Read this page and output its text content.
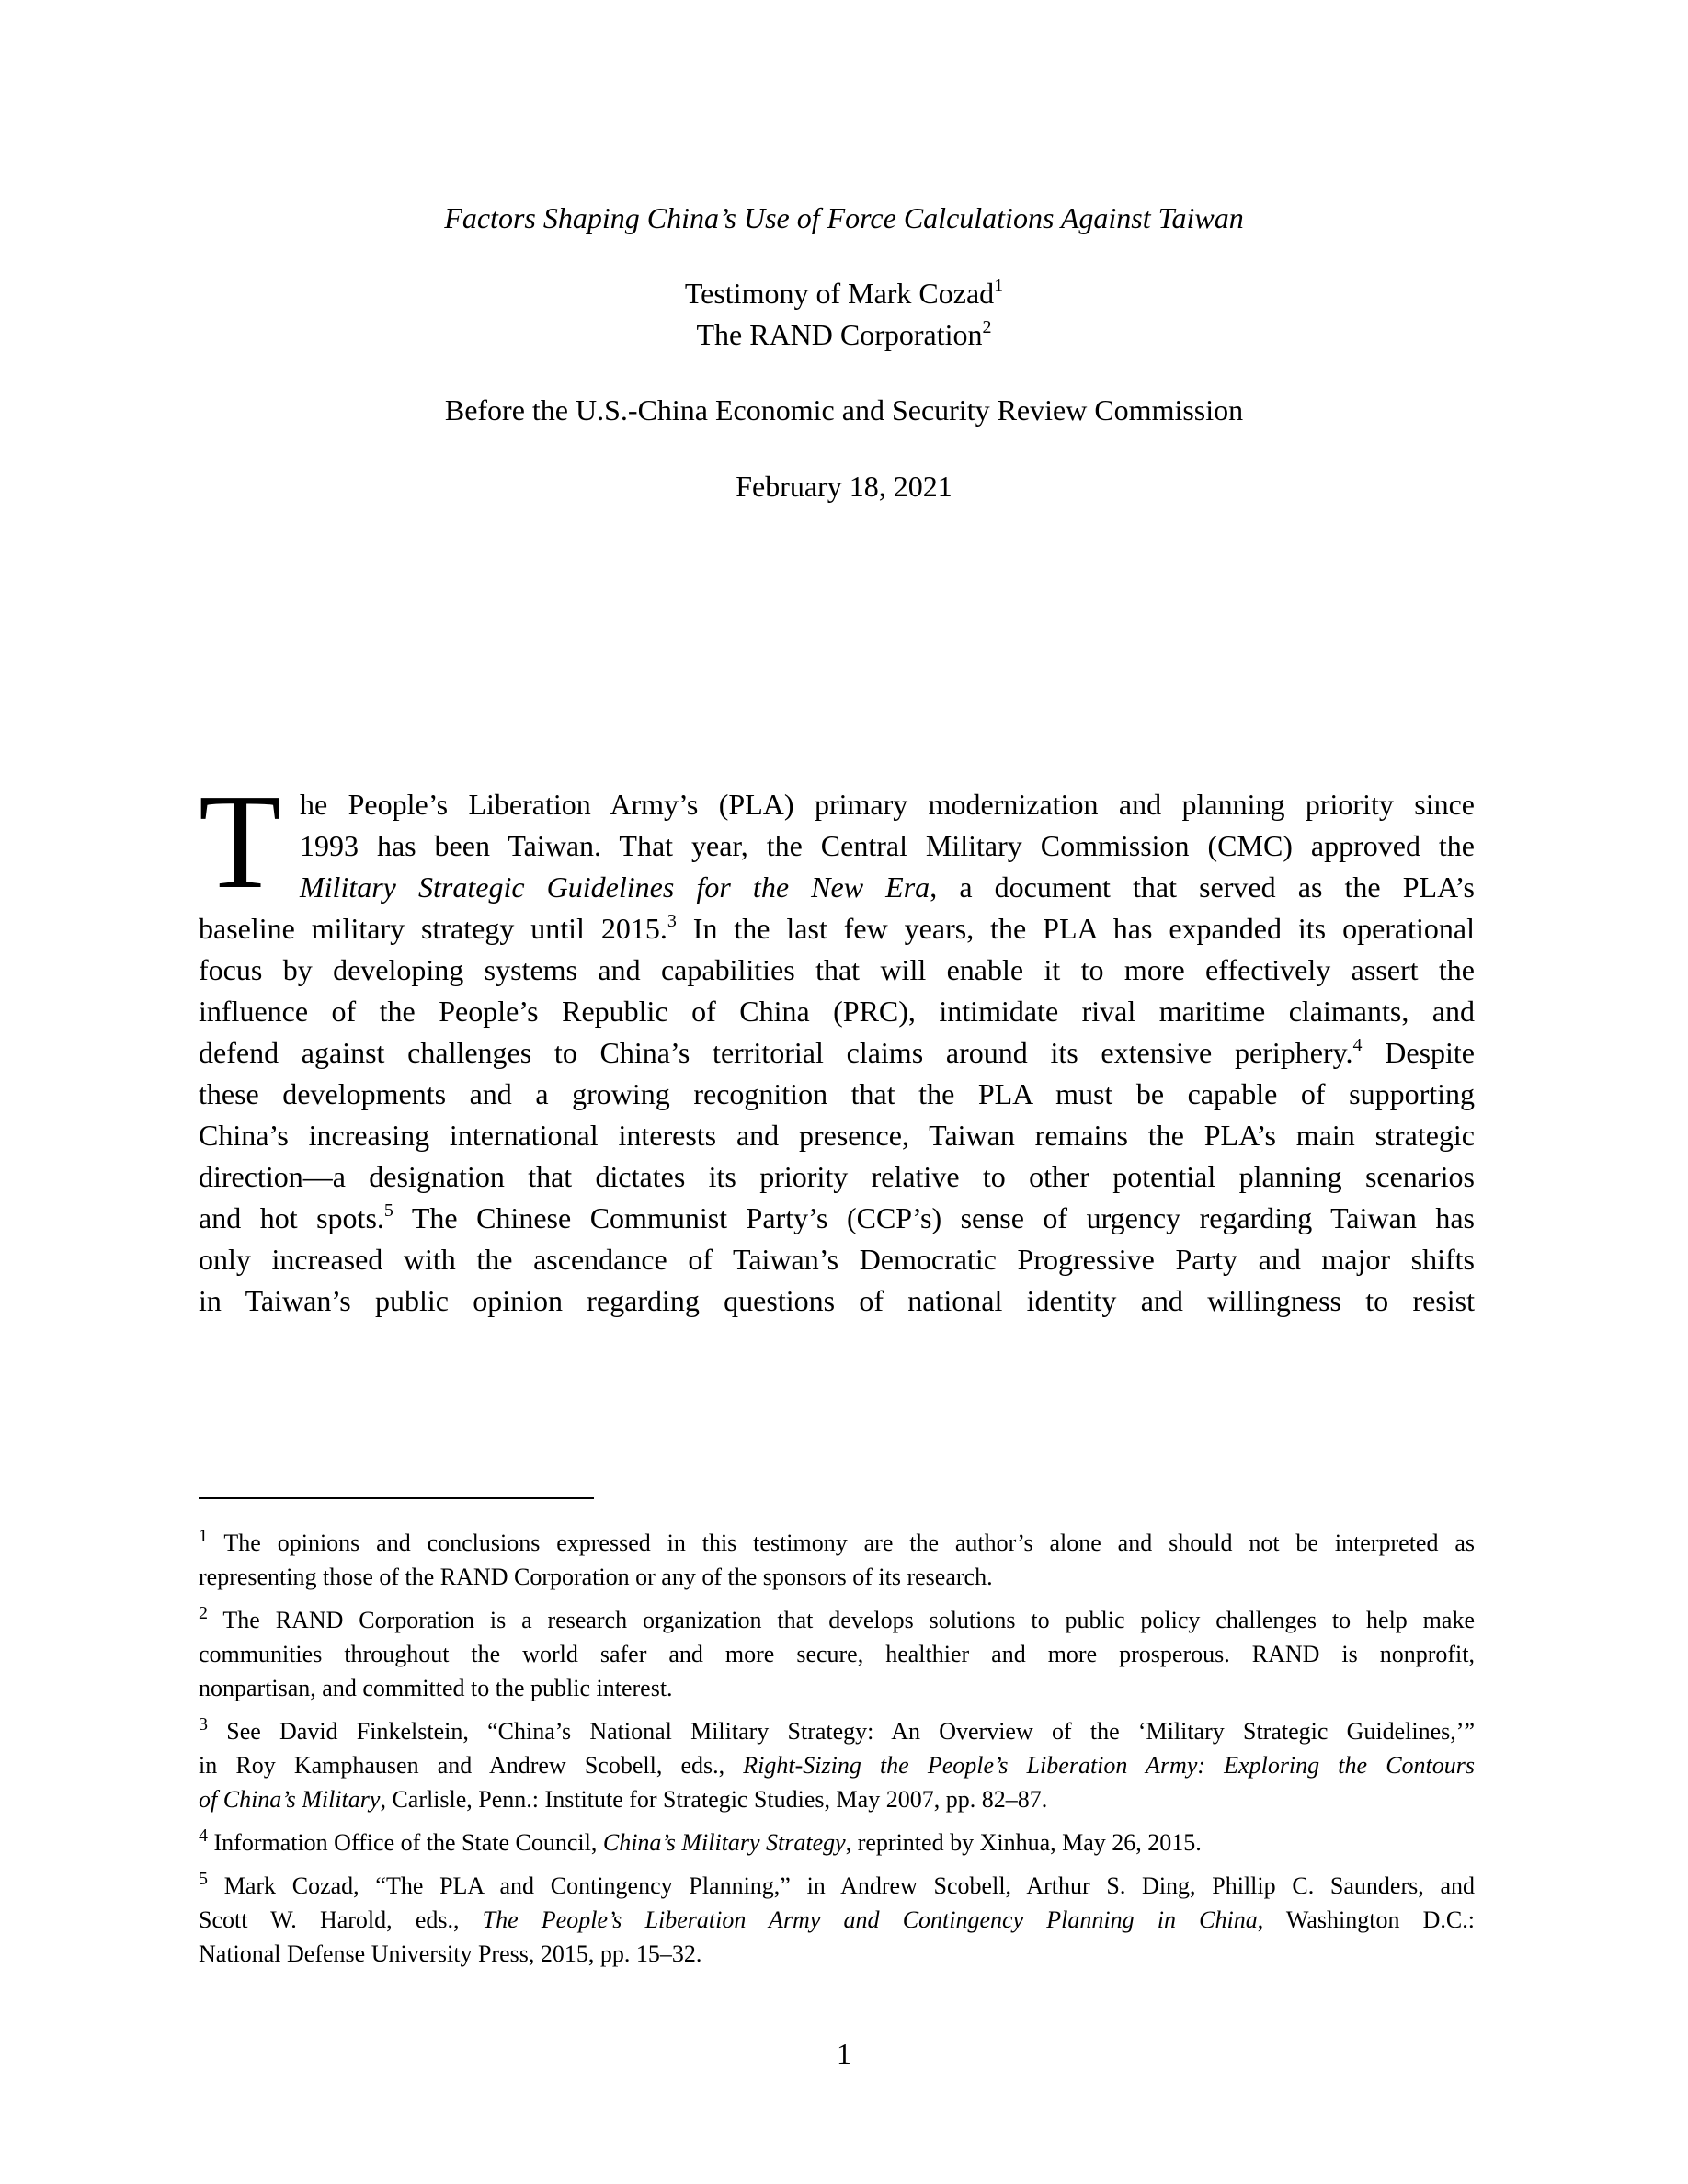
Factors Shaping China’s Use of Force Calculations Against Taiwan
Testimony of Mark Cozad$^1$
The RAND Corporation$^2$
Before the U.S.-China Economic and Security Review Commission
February 18, 2021
T he People’s Liberation Army’s (PLA) primary modernization and planning priority since
1993 has been Taiwan. That year, the Central Military Commission (CMC) approved the
Military Strategic Guidelines for the New Era, a document that served as the PLA’s
baseline military strategy until 2015.$^3$ In the last few years, the PLA has expanded its operational
focus by developing systems and capabilities that will enable it to more effectively assert the
influence of the People’s Republic of China (PRC), intimidate rival maritime claimants, and
defend against challenges to China’s territorial claims around its extensive periphery.$^4$ Despite
these developments and a growing recognition that the PLA must be capable of supporting
China’s increasing international interests and presence, Taiwan remains the PLA’s main strategic
direction—a designation that dictates its priority relative to other potential planning scenarios
and hot spots.$^5$ The Chinese Communist Party’s (CCP’s) sense of urgency regarding Taiwan has
only increased with the ascendance of Taiwan’s Democratic Progressive Party and major shifts
in Taiwan’s public opinion regarding questions of national identity and willingness to resist
$^1$ The opinions and conclusions expressed in this testimony are the author’s alone and should not be interpreted as
representing those of the RAND Corporation or any of the sponsors of its research.
$^2$ The RAND Corporation is a research organization that develops solutions to public policy challenges to help make
communities throughout the world safer and more secure, healthier and more prosperous. RAND is nonprofit,
nonpartisan, and committed to the public interest.
$^3$ See David Finkelstein, “China’s National Military Strategy: An Overview of the ‘Military Strategic Guidelines,’”
in Roy Kamphausen and Andrew Scobell, eds., Right-Sizing the People’s Liberation Army: Exploring the Contours
of China’s Military, Carlisle, Penn.: Institute for Strategic Studies, May 2007, pp. 82–87.
$^4$ Information Office of the State Council, China’s Military Strategy, reprinted by Xinhua, May 26, 2015.
$^5$ Mark Cozad, “The PLA and Contingency Planning,” in Andrew Scobell, Arthur S. Ding, Phillip C. Saunders, and
Scott W. Harold, eds., The People’s Liberation Army and Contingency Planning in China, Washington D.C.:
National Defense University Press, 2015, pp. 15–32.
1
